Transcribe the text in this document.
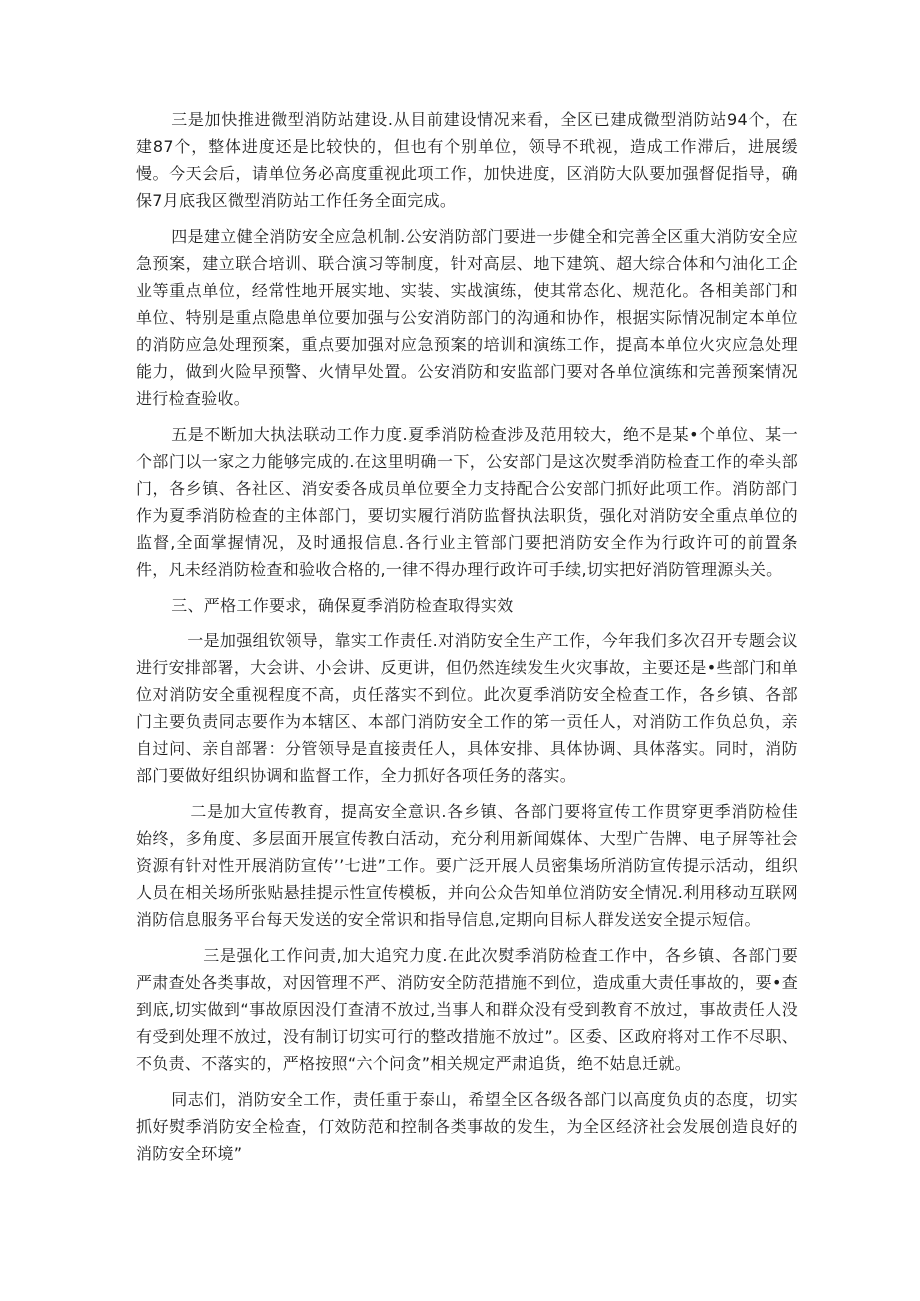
三是加快推进微型消防站建设.从目前建设情况来看，全区已建成微型消防站94个，在建87个，整体进度还是比较快的，但也有个别单位，领导不玳视，造成工作滞后，进展缓慢。今天会后，请单位务必高度重视此项工作，加快进度，区消防大队要加强督促指导，确保7月底我区微型消防站工作任务全面完成。

四是建立健全消防安全应急机制.公安消防部门要进一步健全和完善全区重大消防安全应急预案，建立联合培训、联合演习等制度，针对高层、地下建筑、超大综合体和勺油化工企业等重点单位，经常性地开展实地、实装、实战演练，使其常态化、规范化。各相美部门和单位、特别是重点隐患单位要加强与公安消防部门的沟通和协作，根据实际情况制定本单位的消防应急处理预案，重点要加强对应急预案的培训和演练工作，提高本单位火灾应急处理能力，做到火险早预警、火情早处置。公安消防和安监部门要对各单位演练和完善预案情况进行检查验收。

五是不断加大执法联动工作力度.夏季消防检查涉及范用较大，绝不是某•个单位、某一个部门以一家之力能够完成的.在这里明确一下，公安部门是这次熨季消防检査工作的牵头部门，各乡镇、各社区、消安委各成员单位要全力支持配合公安部门抓好此项工作。消防部门作为夏季消防检查的主体部门，要切实履行消防监督执法职货，强化对消防安全重点单位的监督,全面掌握情况，及时通报信息.各行业主管部门要把消防安全作为行政许可的前置条件，凡未经消防检查和验收合格的,一律不得办理行政许可手续,切实把好消防管理源头关。

三、严格工作要求，确保夏季消防检查取得实效

一是加强组钦领导，靠实工作责任.对消防安全生产工作，今年我们多次召开专题会议进行安排部署，大会讲、小会讲、反更讲，但仍然连续发生火灾事故，主要还是•些部门和单位对消防安全重视程度不高，贞任落实不到位。此次夏季消防安全检查工作，各乡镇、各部门主要负责同志要作为本辖区、本部门消防安全工作的笫一贡任人，对消防工作负总负，亲自过问、亲自部署：分管领导是直接责任人，具体安排、具体协调、具体落实。同时，消防部门要做好组织协调和监督工作，全力抓好各项任务的落实。

二是加大宣传教育，提高安全意识.各乡镇、各部门要将宣传工作贯穿更季消防检佳始终，多角度、多层面开展宣传教白活动，充分利用新闻媒体、大型广告牌、电子屏等社会资源有针对性开展消防宣传’’七进”工作。要广泛开展人员密集场所消防宣传提示活动，组织人员在相关场所张贴悬挂提示性宣传模板，并向公众告知单位消防安全情况.利用移动互联网消防信息服务平台每天发送的安全常识和指导信息,定期向目标人群发送安全提示短信。

三是强化工作问责,加大追究力度.在此次熨季消防检査工作中，各乡镇、各部门要严肃查处各类事故，对因管理不严、消防安全防范措施不到位，造成重大责任事故的，要•查到底,切实做到“事故原因没仃查清不放过,当事人和群众没有受到教育不放过，事故责任人没有受到处理不放过，没有制订切实可行的整改措施不放过”。区委、区政府将对工作不尽职、不负责、不落实的，严格按照“六个问贪”相关规定严肃追货，绝不姑息迁就。

同志们，消防安全工作，责任重于泰山，希望全区各级各部门以高度负贞的态度，切实抓好熨季消防安全检查，仃效防范和控制各类事故的发生，为全区经济社会发展创造良好的消防安全环境”
